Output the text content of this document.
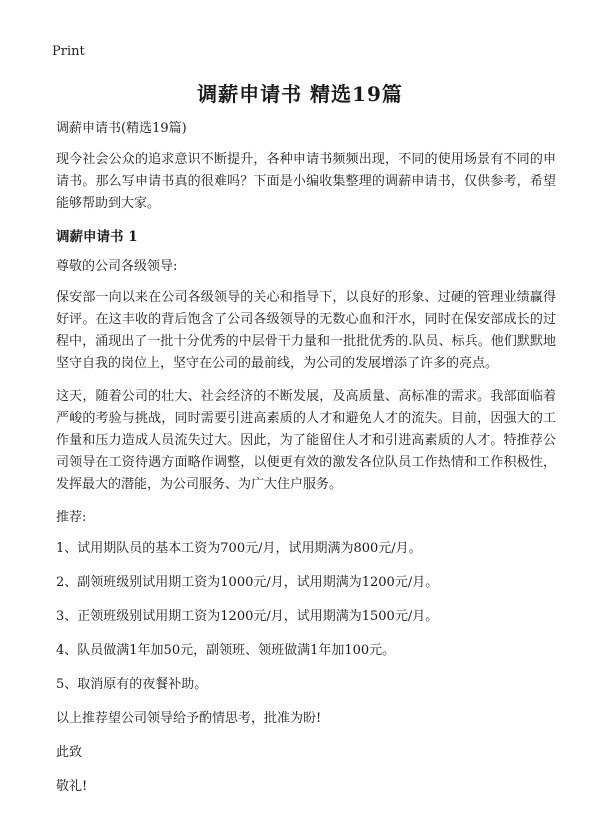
Print
调薪申请书 精选19篇

调薪申请书(精选19篇)

现今社会公众的追求意识不断提升，各种申请书频频出现，不同的使用场景有不同的申请书。那么写申请书真的很难吗？下面是小编收集整理的调薪申请书，仅供参考，希望能够帮助到大家。

调薪申请书 1

尊敬的公司各级领导:

保安部一向以来在公司各级领导的关心和指导下，以良好的形象、过硬的管理业绩赢得好评。在这丰收的背后饱含了公司各级领导的无数心血和汗水，同时在保安部成长的过程中，涌现出了一批十分优秀的中层骨干力量和一批批优秀的.队员、标兵。他们默默地坚守自我的岗位上，坚守在公司的最前线，为公司的发展增添了许多的亮点。

这天，随着公司的壮大、社会经济的不断发展，及高质量、高标准的需求。我部面临着严峻的考验与挑战，同时需要引进高素质的人才和避免人才的流失。目前，因强大的工作量和压力造成人员流失过大。因此，为了能留住人才和引进高素质的人才。特推荐公司领导在工资待遇方面略作调整，以便更有效的激发各位队员工作热情和工作积极性，发挥最大的潜能，为公司服务、为广大住户服务。

推荐:

1、试用期队员的基本工资为700元/月，试用期满为800元/月。

2、副领班级别试用期工资为1000元/月，试用期满为1200元/月。

3、正领班级别试用期工资为1200元/月，试用期满为1500元/月。

4、队员做满1年加50元，副领班、领班做满1年加100元。

5、取消原有的夜餐补助。

以上推荐望公司领导给予酌情思考，批准为盼!

此致

敬礼!
